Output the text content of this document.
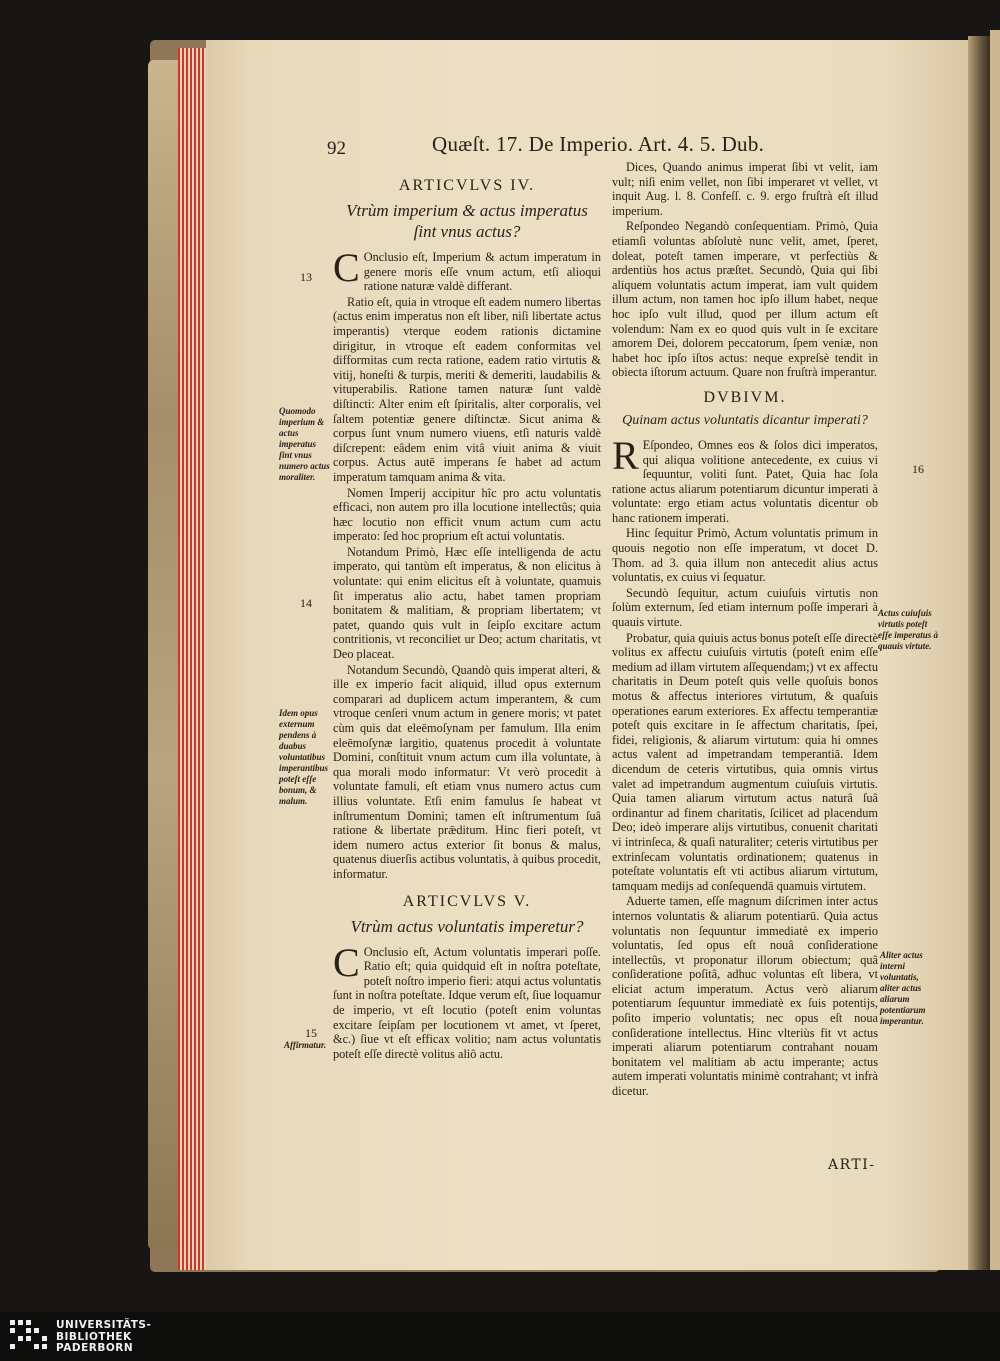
92	Quæſt. 17. De Imperio. Art. 4. 5. Dub.
ARTICVLVS IV.
Vtrùm imperium & actus imperatus ſint vnus actus?

C Onclusio eſt, Imperium & actum imperatum in genere moris eſſe vnum actum, etſi alioqui ratione naturæ valdè differant.

Ratio eſt, quia in vtroque eſt eadem numero libertas (actus enim imperatus non eſt liber, niſi libertate actus imperantis) vterque eodem rationis dictamine dirigitur, in vtroque eſt eadem conformitas vel difformitas cum recta ratione, eadem ratio virtutis & vitij, honeſti & turpis, meriti & demeriti, laudabilis & vituperabilis. Ratione tamen naturæ ſunt valdè diſtincti: Alter enim eſt ſpiritalis, alter corporalis, vel ſaltem potentiæ genere diſtinctæ. Sicut anima & corpus ſunt vnum numero viuens, etſi naturis valdè diſcrepent: eâdem enim vitâ viuit anima & viuit corpus. Actus autē imperans ſe habet ad actum imperatum tamquam anima & vita.

Nomen Imperij accipitur hîc pro actu voluntatis efficaci, non autem pro illa locutione intellectûs; quia hæc locutio non efficit vnum actum cum actu imperato: ſed hoc proprium eſt actui voluntatis.

Notandum Primò, Hæc eſſe intelligenda de actu imperato, qui tantùm eſt imperatus, & non elicitus à voluntate: qui enim elicitus eſt à voluntate, quamuis ſit imperatus alio actu, habet tamen propriam bonitatem & malitiam, & propriam libertatem; vt patet, quando quis vult in ſeipſo excitare actum contritionis, vt reconciliet ur Deo; actum charitatis, vt Deo placeat.

Notandum Secundò, Quandò quis imperat alteri, & ille ex imperio facit aliquid, illud opus externum comparari ad duplicem actum imperantem, & cum vtroque cenſeri vnum actum in genere moris; vt patet cùm quis dat eleēmoſynam per famulum. Illa enim eleēmoſynæ largitio, quatenus procedit à voluntate Domini, conſtituit vnum actum cum illa voluntate, à qua morali modo informatur: Vt verò procedit à voluntate famuli, eſt etiam vnus numero actus cum illius voluntate. Etſi enim famulus ſe habeat vt inſtrumentum Domini; tamen eſt inſtrumentum ſuâ ratione & libertate prǣditum. Hinc fieri poteſt, vt idem numero actus exterior ſit bonus & malus, quatenus diuerſis actibus voluntatis, à quibus procedit, informatur.

ARTICVLVS V.
Vtrùm actus voluntatis imperetur?

C Onclusio eſt, Actum voluntatis imperari poſſe. Ratio eſt; quia quidquid eſt in noſtra poteſtate, poteſt noſtro imperio fieri: atqui actus voluntatis ſunt in noſtra poteſtate. Idque verum eſt, ſiue loquamur de imperio, vt eſt locutio (poteſt enim voluntas excitare ſeipſam per locutionem vt amet, vt ſperet, &c.) ſiue vt eſt efficax volitio; nam actus voluntatis poteſt eſſe directè volitus aliô actu.

Dices, Quando animus imperat ſibi vt velit, iam vult; niſi enim vellet, non ſibi imperaret vt vellet, vt inquit Aug. l. 8. Confeſſ. c. 9. ergo fruſtrà eſt illud imperium.

Reſpondeo Negandò conſequentiam. Primò, Quia etiamſi voluntas abſolutè nunc velit, amet, ſperet, doleat, poteſt tamen imperare, vt perfectiùs & ardentiùs hos actus præſtet. Secundò, Quia qui ſibi aliquem voluntatis actum imperat, iam vult quidem illum actum, non tamen hoc ipſo illum habet, neque hoc ipſo vult illud, quod per illum actum eſt volendum: Nam ex eo quod quis vult in ſe excitare amorem Dei, dolorem peccatorum, ſpem veniæ, non habet hoc ipſo iſtos actus: neque expreſsè tendit in obiecta iſtorum actuum. Quare non fruſtrà imperantur.

DVBIVM.
Quinam actus voluntatis dicantur imperati?

R Eſpondeo, Omnes eos & ſolos dici imperatos, qui aliqua volitione antecedente, ex cuius vi ſequuntur, voliti ſunt. Patet, Quia hac ſola ratione actus aliarum potentiarum dicuntur imperati à voluntate: ergo etiam actus voluntatis dicentur ob hanc rationem imperati.

Hinc ſequitur Primò, Actum voluntatis primum in quouis negotio non eſſe imperatum, vt docet D. Thom. ad 3. quia illum non antecedit alius actus voluntatis, ex cuius vi ſequatur.

Secundò ſequitur, actum cuiuſuis virtutis non ſolùm externum, ſed etiam internum poſſe imperari à quauis virtute.

Probatur, quia quiuis actus bonus poteſt eſſe directè volitus ex affectu cuiuſuis virtutis (poteſt enim eſſe medium ad illam virtutem aſſequendam;) vt ex affectu charitatis in Deum poteſt quis velle quoſuis bonos motus & affectus interiores virtutum, & quaſuis operationes earum exteriores. Ex affectu temperantiæ poteſt quis excitare in ſe affectum charitatis, ſpei, fidei, religionis, & aliarum virtutum: quia hi omnes actus valent ad impetrandam temperantiā. Idem dicendum de ceteris virtutibus, quia omnis virtus valet ad impetrandum augmentum cuiuſuis virtutis. Quia tamen aliarum virtutum actus naturâ ſuâ ordinantur ad finem charitatis, ſcilicet ad placendum Deo; ideò imperare alijs virtutibus, conuenit charitati vi intrinſeca, & quaſi naturaliter; ceteris virtutibus per extrinſecam voluntatis ordinationem; quatenus in poteſtate voluntatis eſt vti actibus aliarum virtutum, tamquam medijs ad conſequendā quamuis virtutem.

Aduerte tamen, eſſe magnum diſcrimen inter actus internos voluntatis & aliarum potentiarū. Quia actus voluntatis non ſequuntur immediatè ex imperio voluntatis, ſed opus eſt nouâ conſideratione intellectûs, vt proponatur illorum obiectum; quâ conſideratione poſitâ, adhuc voluntas eſt libera, vt eliciat actum imperatum. Actus verò aliarum potentiarum ſequuntur immediatè ex ſuis potentijs, poſito imperio voluntatis; nec opus eſt noua conſideratione intellectus. Hinc vlteriùs fit vt actus imperati aliarum potentiarum contrahant nouam bonitatem vel malitiam ab actu imperante; actus autem imperati voluntatis minimè contrahant; vt infrà dicetur.

13
14
15
16
Quomodo imperium & actus imperatus ſint vnus numero actus moraliter.
Idem opus externum pendens à duabus voluntatibus imperantibus poteſt eſſe bonum, & malum.
Affirmatur.
Actus cuiuſuis virtutis poteſt eſſe imperatus à quauis virtute.
Aliter actus interni voluntatis, aliter actus aliarum potentiarum imperantur.
ARTI-
UNIVERSITÄTS-
BIBLIOTHEK
PADERBORN
